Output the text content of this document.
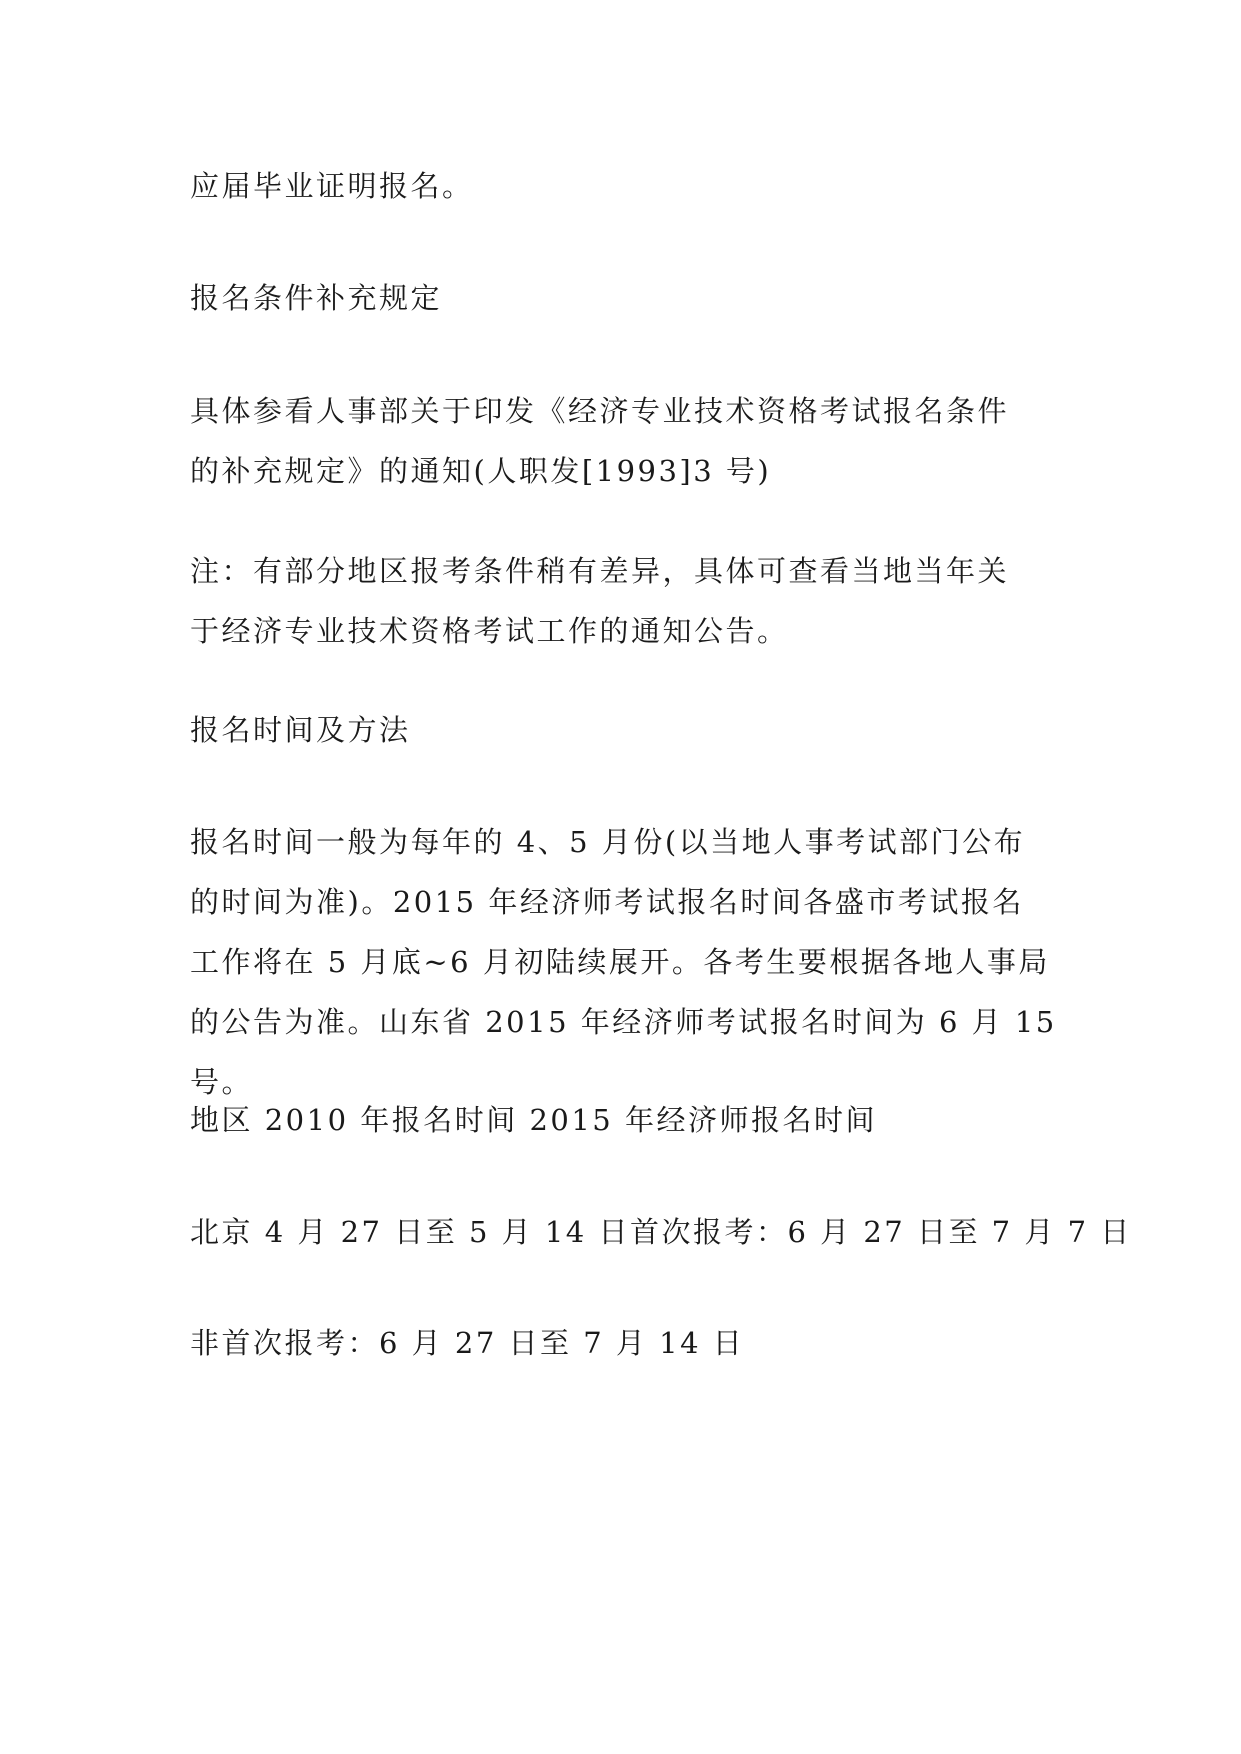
应届毕业证明报名。

报名条件补充规定

具体参看人事部关于印发《经济专业技术资格考试报名条件
的补充规定》的通知(人职发[1993]3 号)

注：有部分地区报考条件稍有差异，具体可查看当地当年关
于经济专业技术资格考试工作的通知公告。

报名时间及方法

报名时间一般为每年的 4、5 月份(以当地人事考试部门公布
的时间为准)。2015 年经济师考试报名时间各盛市考试报名
工作将在 5 月底~6 月初陆续展开。各考生要根据各地人事局
的公告为准。山东省 2015 年经济师考试报名时间为 6 月 15
号。

地区 2010 年报名时间 2015 年经济师报名时间

北京 4 月 27 日至 5 月 14 日首次报考：6 月 27 日至 7 月 7 日

非首次报考：6 月 27 日至 7 月 14 日
